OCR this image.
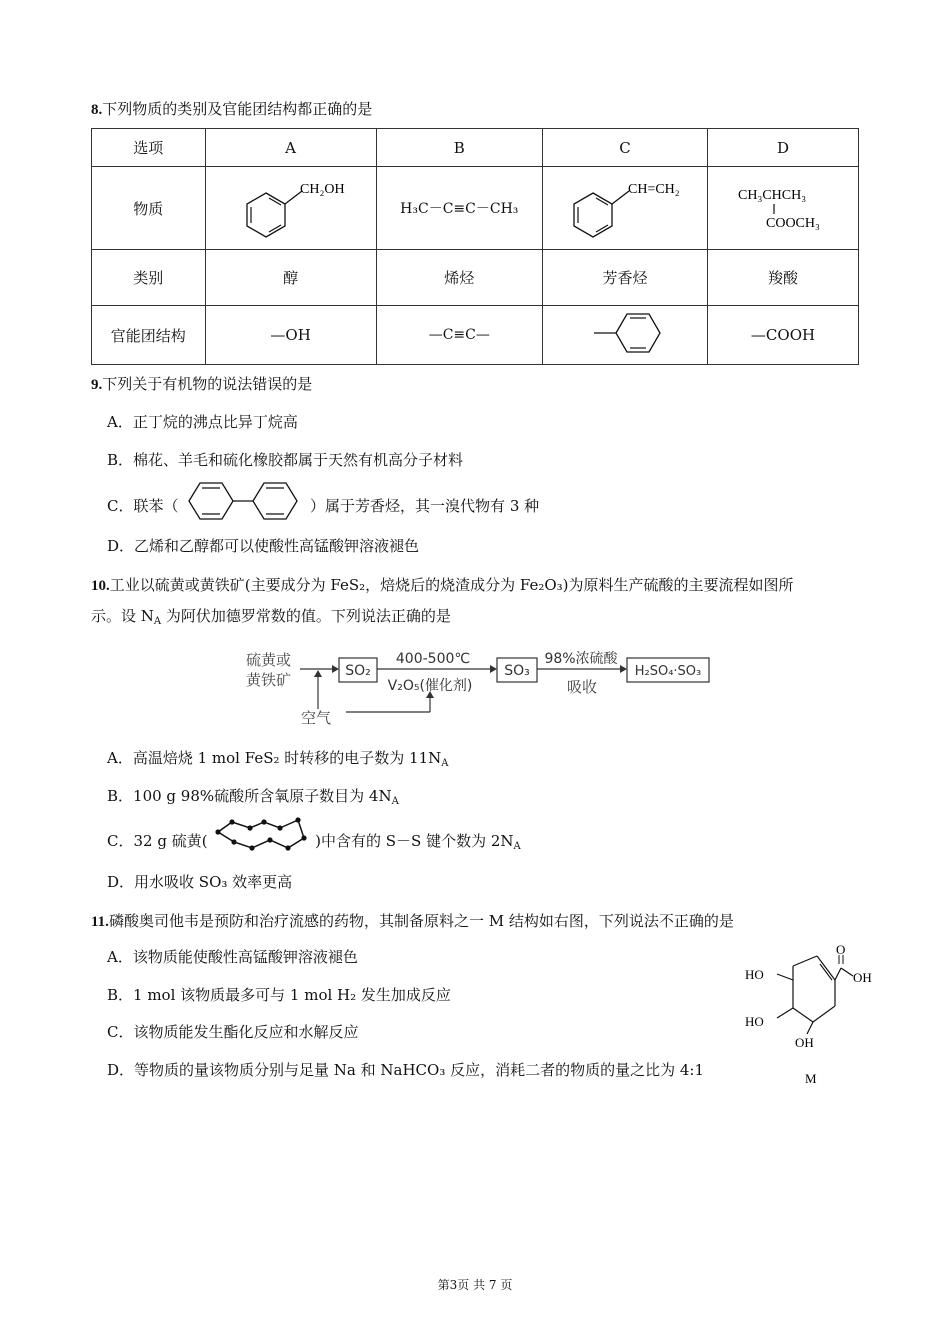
8.下列物质的类别及官能团结构都正确的是
选项	A	B	C	D
物质	CH₂OH	H₃C－C≡C－CH₃	CH=CH₂	CH₃CHCH₃
COOCH₃

类别	醇	烯烃	芳香烃	羧酸
官能团结构	—OH	—C≡C—		—COOH
9.下列关于有机物的说法错误的是
A．正丁烷的沸点比异丁烷高
B．棉花、羊毛和硫化橡胶都属于天然有机高分子材料
C．联苯（	）属于芳香烃，其一溴代物有 3 种
D．乙烯和乙醇都可以使酸性高锰酸钾溶液褪色
10.工业以硫黄或黄铁矿(主要成分为 FeS₂，焙烧后的烧渣成分为 Fe₂O₃)为原料生产硫酸的主要流程如图所
示。设 $N_A$ 为阿伏加德罗常数的值。下列说法正确的是
硫黄或
黄铁矿	SO₂
空气
400-500℃
V₂O₅(催化剂)
SO₃
98%浓硫酸
吸收
H₂SO₄·SO₃
A．高温焙烧 1 mol FeS₂ 时转移的电子数为 $11N_A$
B．100 g 98%硫酸所含氧原子数目为 $4N_A$
C．32 g 硫黄(	)中含有的 S－S 键个数为 $2N_A$
D．用水吸收 SO₃ 效率更高
11.磷酸奥司他韦是预防和治疗流感的药物，其制备原料之一 M 结构如右图，下列说法不正确的是
A．该物质能使酸性高锰酸钾溶液褪色
B．1 mol 该物质最多可与 1 mol H₂ 发生加成反应
C．该物质能发生酯化反应和水解反应
D．等物质的量该物质分别与足量 Na 和 NaHCO₃ 反应，消耗二者的物质的量之比为 4:1
O
OH
HO
HO
OH
M
第3页 共 7 页
